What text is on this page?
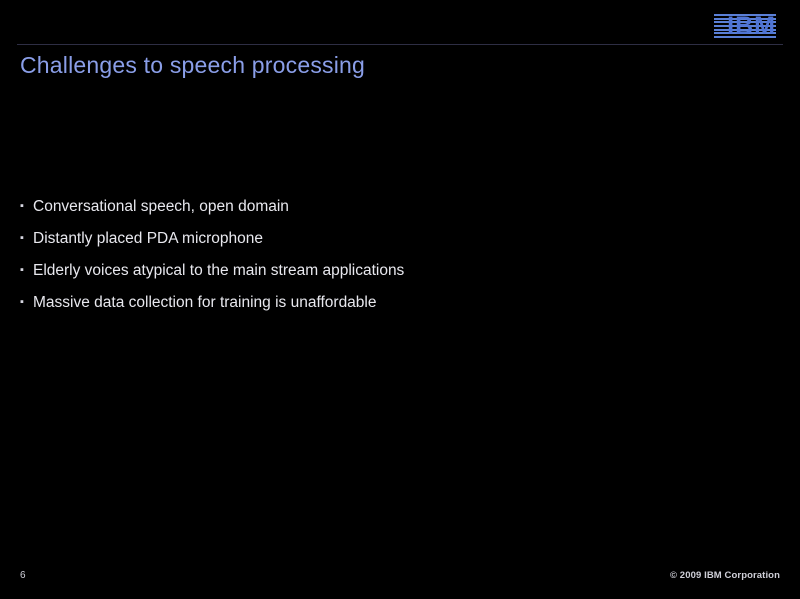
IBM
Challenges to speech processing
▪
Conversational speech, open domain
▪
Distantly placed PDA microphone
▪
Elderly voices atypical to the main stream applications
▪
Massive data collection for training is unaffordable
6	© 2009 IBM Corporation
